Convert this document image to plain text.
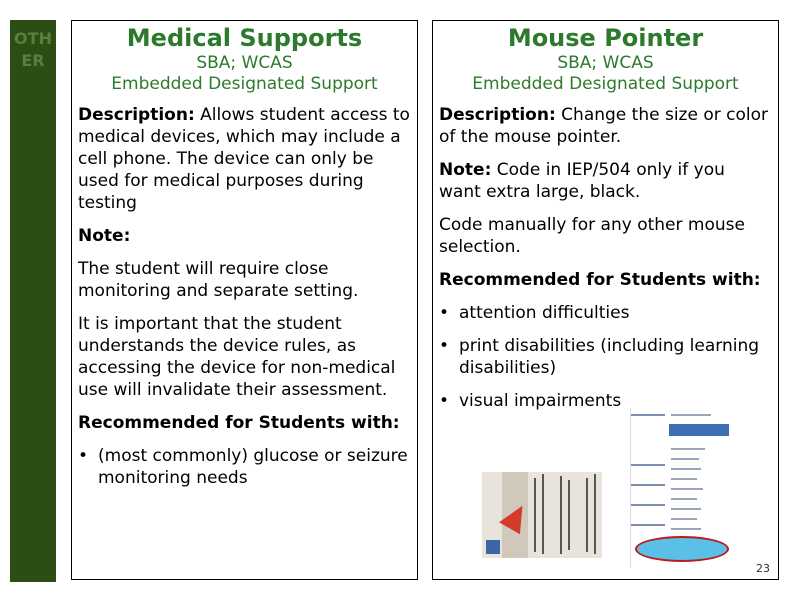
OTHER
Medical Supports
SBA; WCAS
Embedded Designated Support

Description: Allows student access to medical devices, which may include a cell phone. The device can only be used for medical purposes during testing

Note:

The student will require close monitoring and separate setting.

It is important that the student understands the device rules, as accessing the device for non-medical use will invalidate their assessment.

Recommended for Students with:

• (most commonly) glucose or seizure monitoring needs
Mouse Pointer
SBA; WCAS
Embedded Designated Support

Description: Change the size or color of the mouse pointer.

Note: Code in IEP/504 only if you want extra large, black.

Code manually for any other mouse selection.

Recommended for Students with:

• attention difficulties
• print disabilities (including learning disabilities)
• visual impairments
23
